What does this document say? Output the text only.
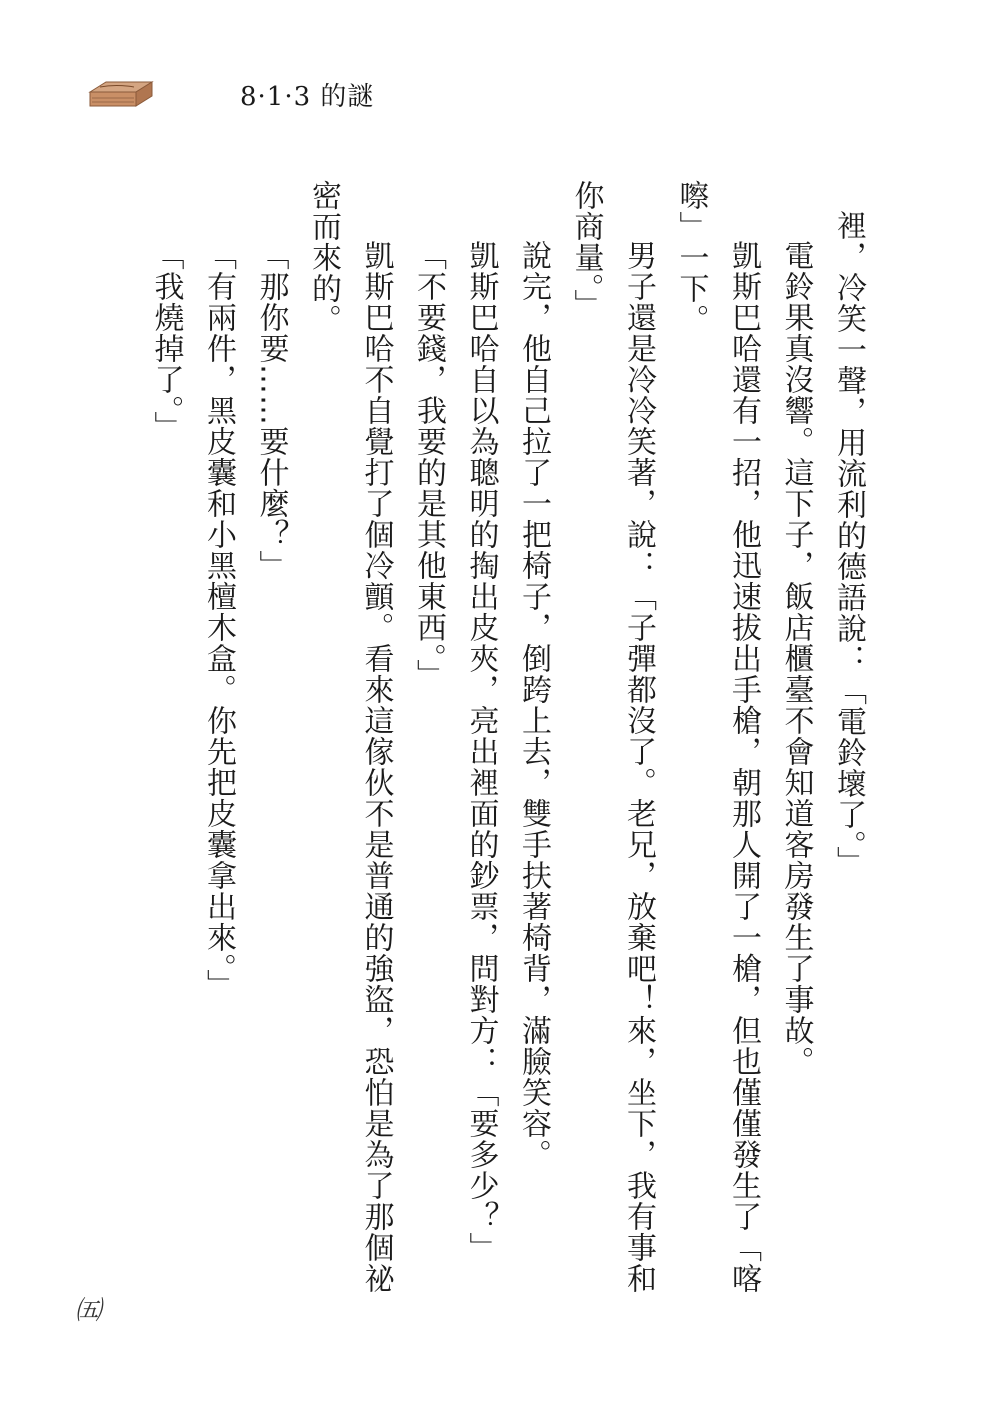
8·1·3 的謎

裡，冷笑一聲，用流利的德語說：「電鈴壞了。」

電鈴果真沒響。這下子，飯店櫃臺不會知道客房發生了事故。

凱斯巴哈還有一招，他迅速拔出手槍，朝那人開了一槍，但也僅僅發生了「喀嚓」一下。

男子還是冷冷笑著，說：「子彈都沒了。老兄，放棄吧！來，坐下，我有事和你商量。」

說完，他自己拉了一把椅子，倒跨上去，雙手扶著椅背，滿臉笑容。

凱斯巴哈自以為聰明的掏出皮夾，亮出裡面的鈔票，問對方：「要多少？」

「不要錢，我要的是其他東西。」

凱斯巴哈不自覺打了個冷顫。看來這傢伙不是普通的強盜，恐怕是為了那個祕密而來的。

「那你要……要什麼？」

「有兩件，黑皮囊和小黑檀木盒。你先把皮囊拿出來。」

「我燒掉了。」

㈤
